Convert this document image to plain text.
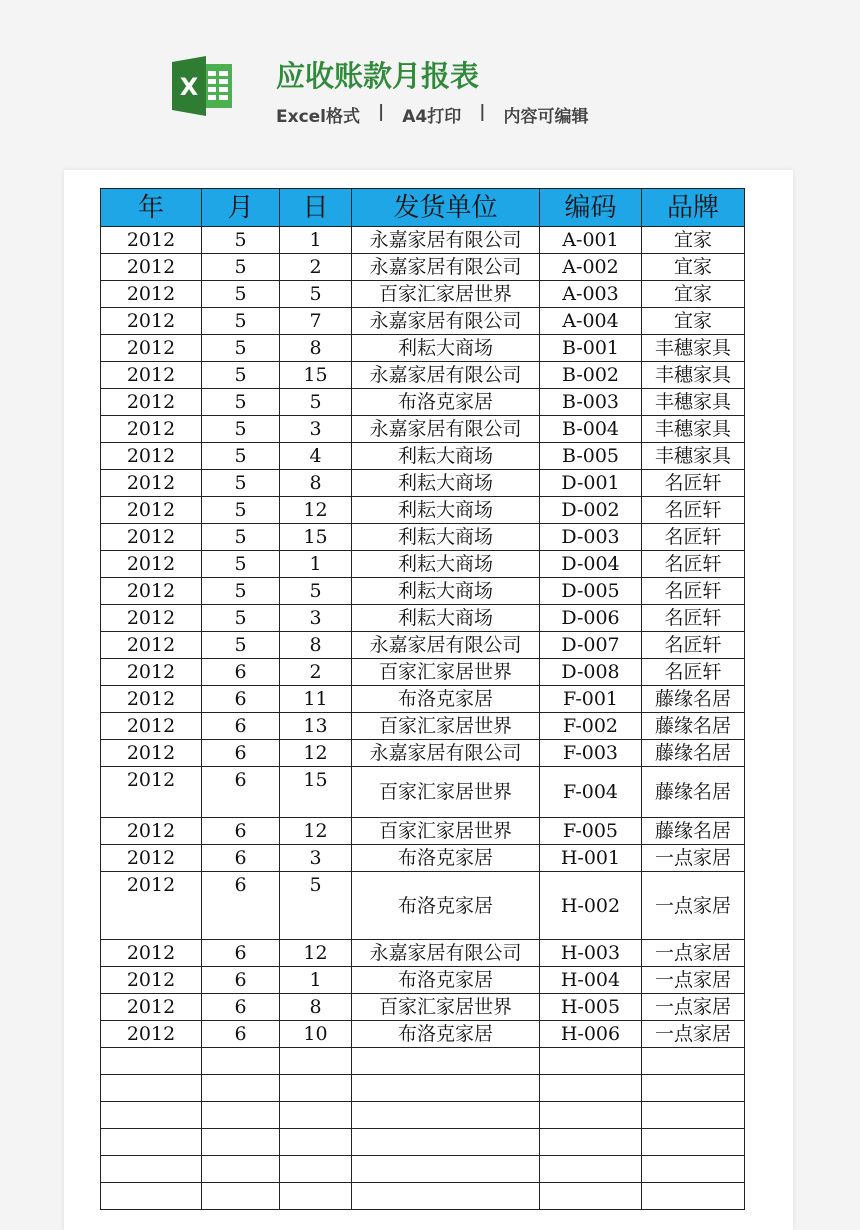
X	应收账款月报表
Excel格式 | A4打印 | 内容可编辑
年	月	日	发货单位	编码	品牌
2012	5	1	永嘉家居有限公司	A-001	宜家
2012	5	2	永嘉家居有限公司	A-002	宜家
2012	5	5	百家汇家居世界	A-003	宜家
2012	5	7	永嘉家居有限公司	A-004	宜家
2012	5	8	利耘大商场	B-001	丰穗家具
2012	5	15	永嘉家居有限公司	B-002	丰穗家具
2012	5	5	布洛克家居	B-003	丰穗家具
2012	5	3	永嘉家居有限公司	B-004	丰穗家具
2012	5	4	利耘大商场	B-005	丰穗家具
2012	5	8	利耘大商场	D-001	名匠轩
2012	5	12	利耘大商场	D-002	名匠轩
2012	5	15	利耘大商场	D-003	名匠轩
2012	5	1	利耘大商场	D-004	名匠轩
2012	5	5	利耘大商场	D-005	名匠轩
2012	5	3	利耘大商场	D-006	名匠轩
2012	5	8	永嘉家居有限公司	D-007	名匠轩
2012	6	2	百家汇家居世界	D-008	名匠轩
2012	6	11	布洛克家居	F-001	藤缘名居
2012	6	13	百家汇家居世界	F-002	藤缘名居
2012	6	12	永嘉家居有限公司	F-003	藤缘名居
2012	6	15	百家汇家居世界	F-004	藤缘名居
2012	6	12	百家汇家居世界	F-005	藤缘名居
2012	6	3	布洛克家居	H-001	一点家居
2012	6	5	布洛克家居	H-002	一点家居
2012	6	12	永嘉家居有限公司	H-003	一点家居
2012	6	1	布洛克家居	H-004	一点家居
2012	6	8	百家汇家居世界	H-005	一点家居
2012	6	10	布洛克家居	H-006	一点家居
